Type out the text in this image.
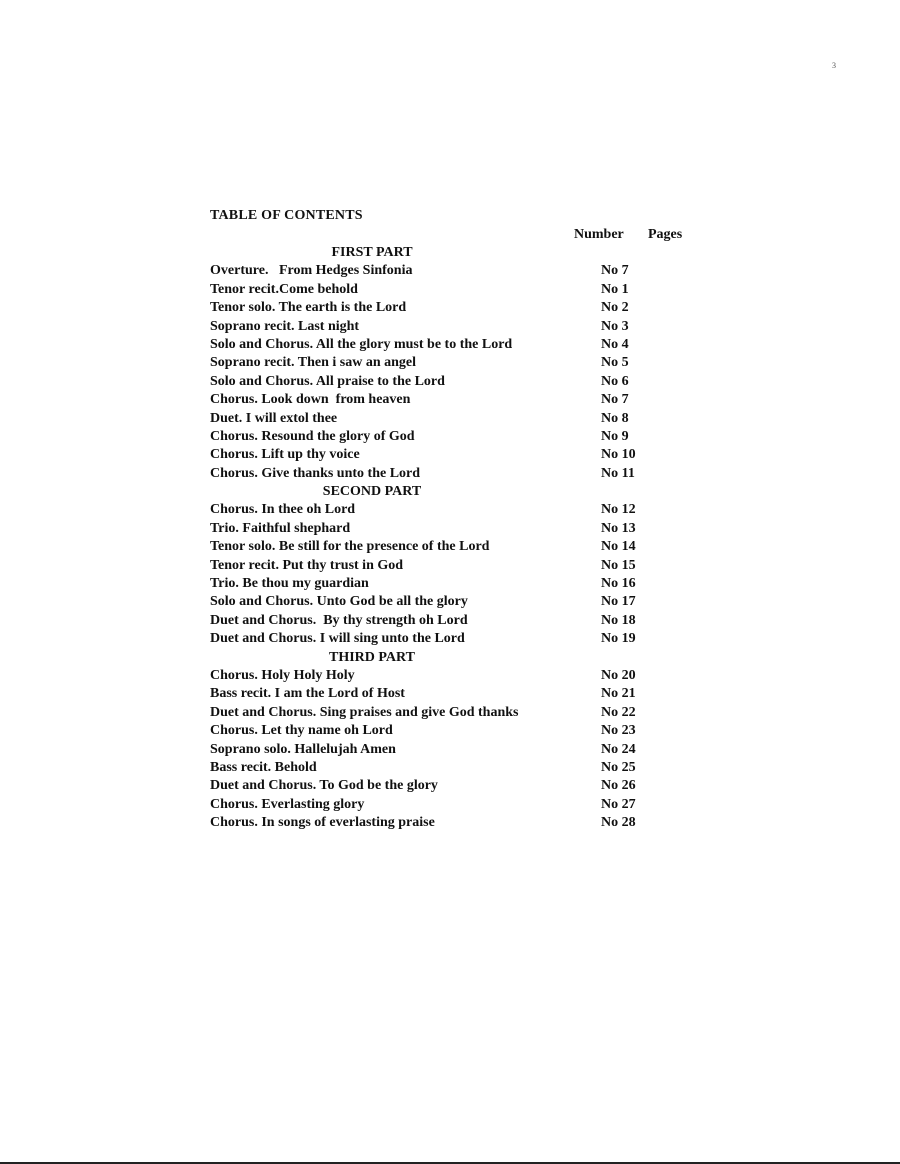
3
TABLE OF CONTENTS
Number Pages
FIRST PART
Overture.   From Hedges Sinfonia	No 7
Tenor recit.Come behold	No 1
Tenor solo. The earth is the Lord	No 2
Soprano recit. Last night	No 3
Solo and Chorus. All the glory must be to the Lord	No 4
Soprano recit. Then i saw an angel	No 5
Solo and Chorus. All praise to the Lord	No 6
Chorus. Look down  from heaven	No 7
Duet. I will extol thee	No 8
Chorus. Resound the glory of God	No 9
Chorus. Lift up thy voice	No 10
Chorus. Give thanks unto the Lord	No 11
SECOND PART
Chorus. In thee oh Lord	No 12
Trio. Faithful shephard	No 13
Tenor solo. Be still for the presence of the Lord	No 14
Tenor recit. Put thy trust in God	No 15
Trio. Be thou my guardian	No 16
Solo and Chorus. Unto God be all the glory	No 17
Duet and Chorus.  By thy strength oh Lord	No 18
Duet and Chorus. I will sing unto the Lord	No 19
THIRD PART
Chorus. Holy Holy Holy	No 20
Bass recit. I am the Lord of Host	No 21
Duet and Chorus. Sing praises and give God thanks	No 22
Chorus. Let thy name oh Lord	No 23
Soprano solo. Hallelujah Amen	No 24
Bass recit. Behold	No 25
Duet and Chorus. To God be the glory	No 26
Chorus. Everlasting glory	No 27
Chorus. In songs of everlasting praise	No 28
